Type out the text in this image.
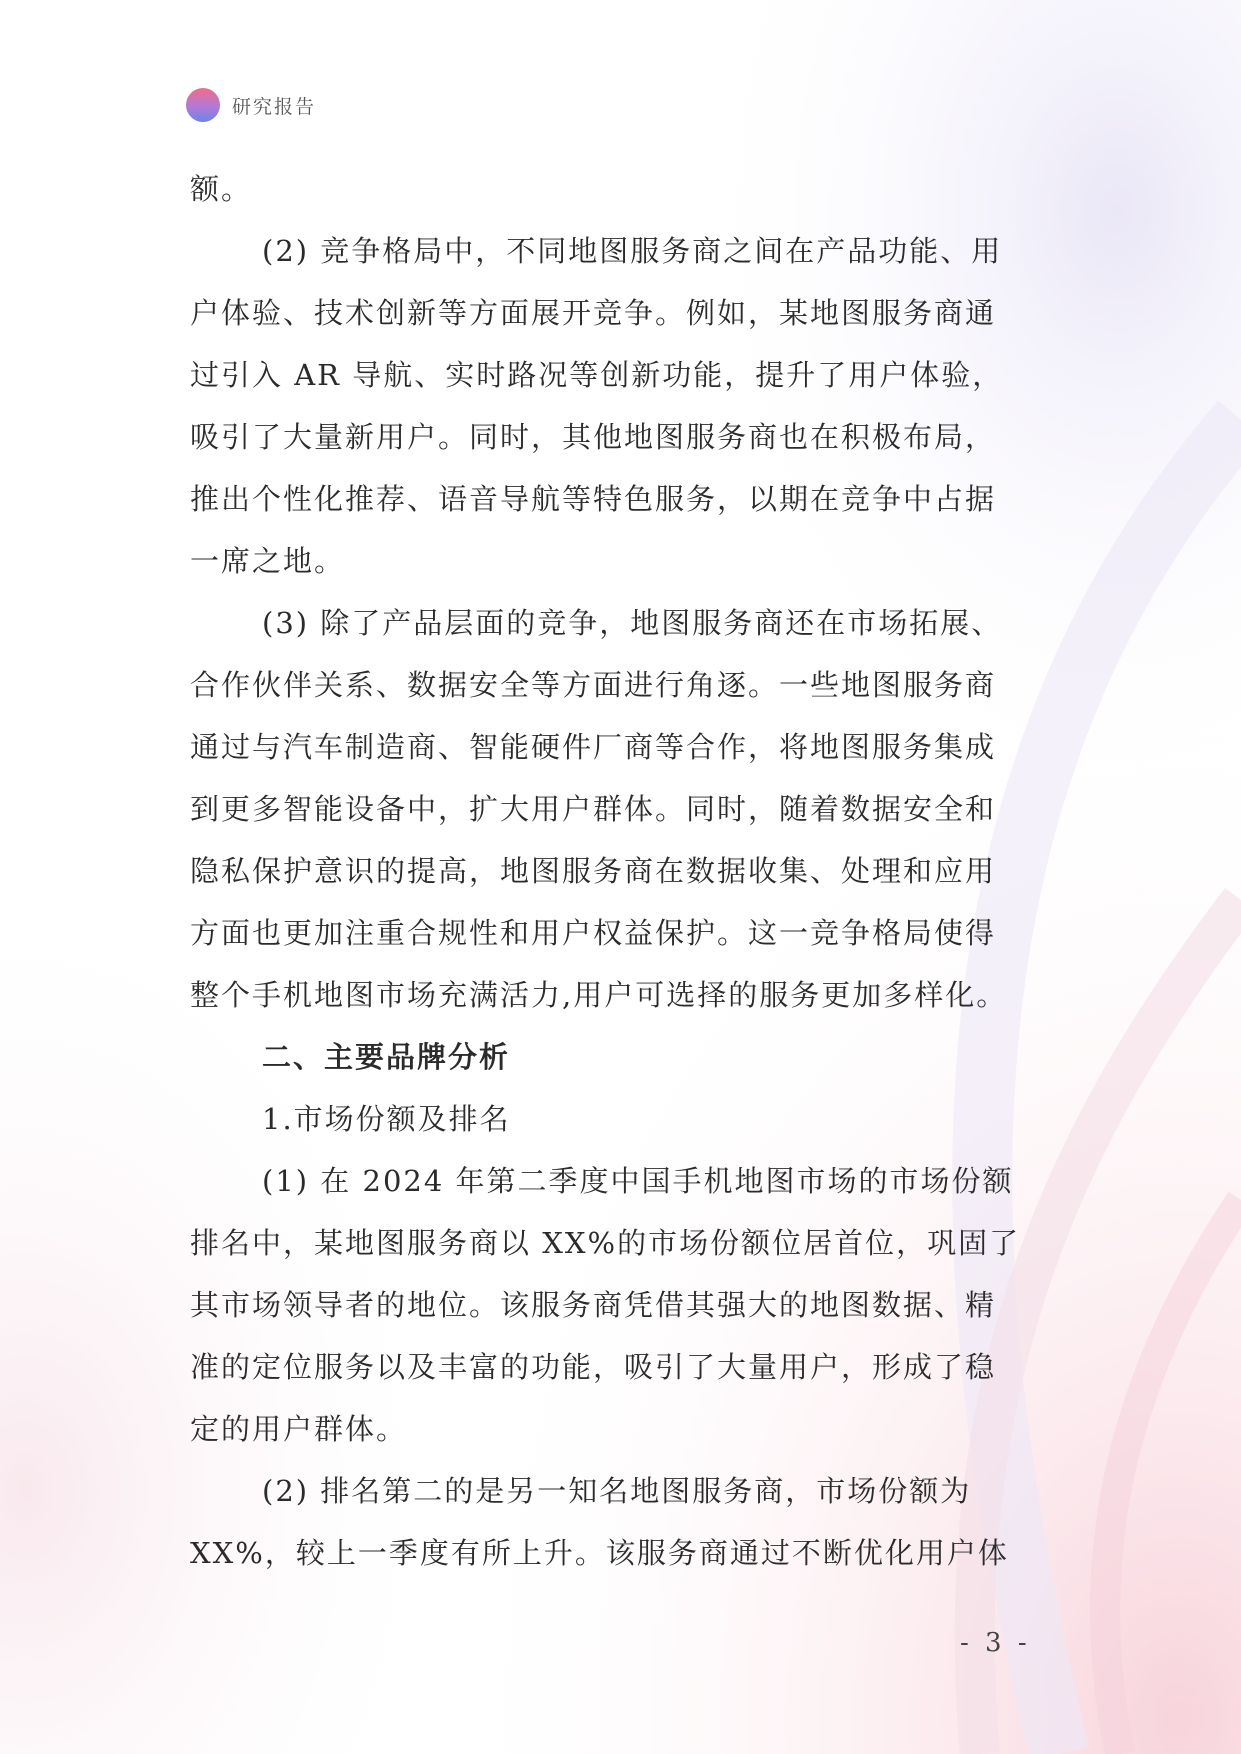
研究报告
额。
(2) 竞争格局中，不同地图服务商之间在产品功能、用
户体验、技术创新等方面展开竞争。例如，某地图服务商通
过引入 AR 导航、实时路况等创新功能，提升了用户体验，
吸引了大量新用户。同时，其他地图服务商也在积极布局，
推出个性化推荐、语音导航等特色服务，以期在竞争中占据
一席之地。
(3) 除了产品层面的竞争，地图服务商还在市场拓展、
合作伙伴关系、数据安全等方面进行角逐。一些地图服务商
通过与汽车制造商、智能硬件厂商等合作，将地图服务集成
到更多智能设备中，扩大用户群体。同时，随着数据安全和
隐私保护意识的提高，地图服务商在数据收集、处理和应用
方面也更加注重合规性和用户权益保护。这一竞争格局使得
整个手机地图市场充满活力,用户可选择的服务更加多样化。
二、主要品牌分析
1.市场份额及排名
(1) 在 2024 年第二季度中国手机地图市场的市场份额
排名中，某地图服务商以 XX%的市场份额位居首位，巩固了
其市场领导者的地位。该服务商凭借其强大的地图数据、精
准的定位服务以及丰富的功能，吸引了大量用户，形成了稳
定的用户群体。
(2) 排名第二的是另一知名地图服务商，市场份额为
XX%，较上一季度有所上升。该服务商通过不断优化用户体
- 3 -
